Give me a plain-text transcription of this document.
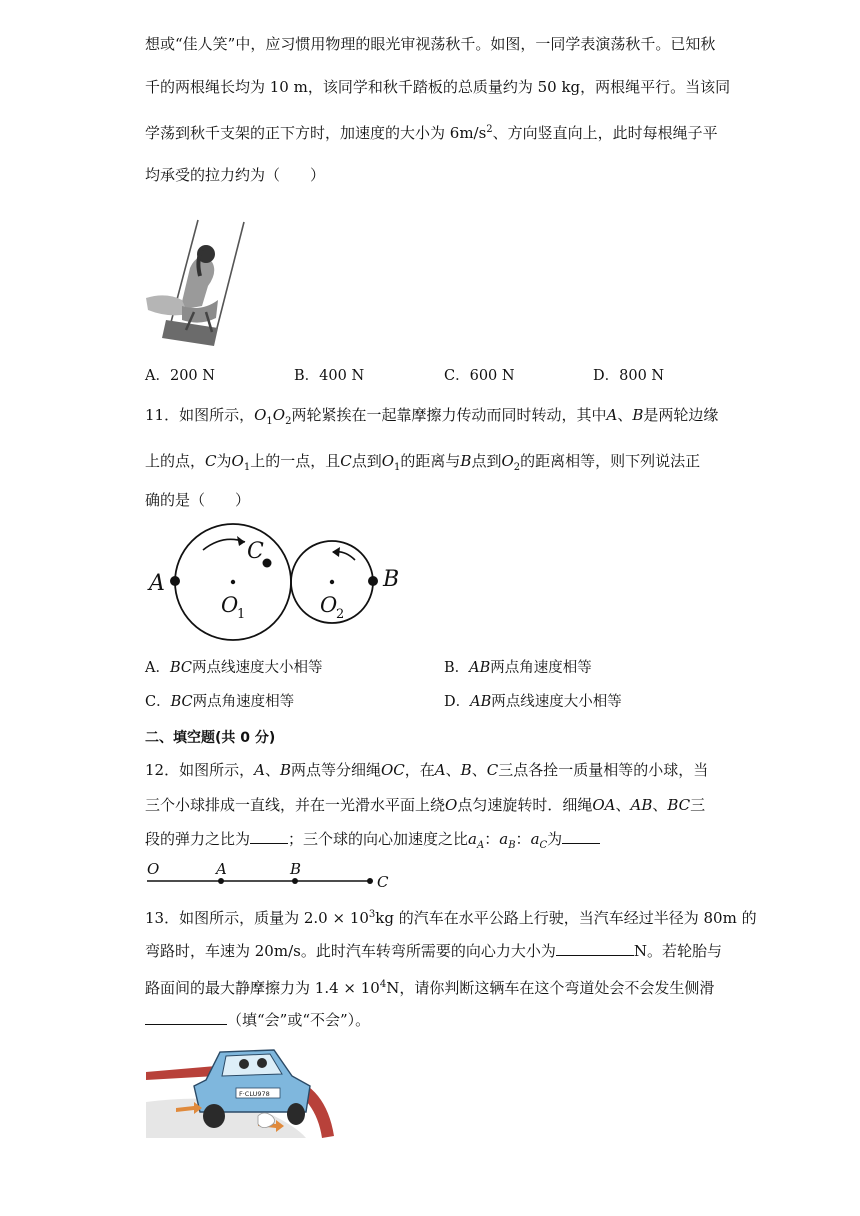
想或“佳人笑”中，应习惯用物理的眼光审视荡秋千。如图，一同学表演荡秋千。已知秋
千的两根绳长均为 10 m，该同学和秋千踏板的总质量约为 50 kg，两根绳平行。当该同
学荡到秋千支架的正下方时，加速度的大小为 $6m/s^2$、方向竖直向上，此时每根绳子平
均承受的拉力约为（　　）
A．200 N	B．400 N	C．600 N	D．800 N
11．如图所示，$O_1O_2$两轮紧挨在一起靠摩擦力传动而同时转动，其中A、B是两轮边缘
上的点，C为$O_1$上的一点，且C点到$O_1$的距离与B点到$O_2$的距离相等，则下列说法正
确的是（　　）
A	B
C
O
1	O
2
A．BC两点线速度大小相等	B．AB两点角速度相等
C．BC两点角速度相等	D．AB两点线速度大小相等
二、填空题(共 0 分)
12．如图所示，A、B两点等分细绳OC，在A、B、C三点各拴一质量相等的小球，当
三个小球排成一直线，并在一光滑水平面上绕O点匀速旋转时．细绳OA、AB、BC三
段的弹力之比为	；三个球的向心加速度之比$a_A$：$a_B$：$a_C$为
O	A	B
C
13．如图所示，质量为 $2.0 \times 10^3kg$ 的汽车在水平公路上行驶，当汽车经过半径为 80m 的
弯路时，车速为 20m/s。此时汽车转弯所需要的向心力大小为	N。若轮胎与
路面间的最大静摩擦力为 $1.4 \times 10^4N$，请你判断这辆车在这个弯道处会不会发生侧滑
（填“会”或“不会”）。
F·CLU978
